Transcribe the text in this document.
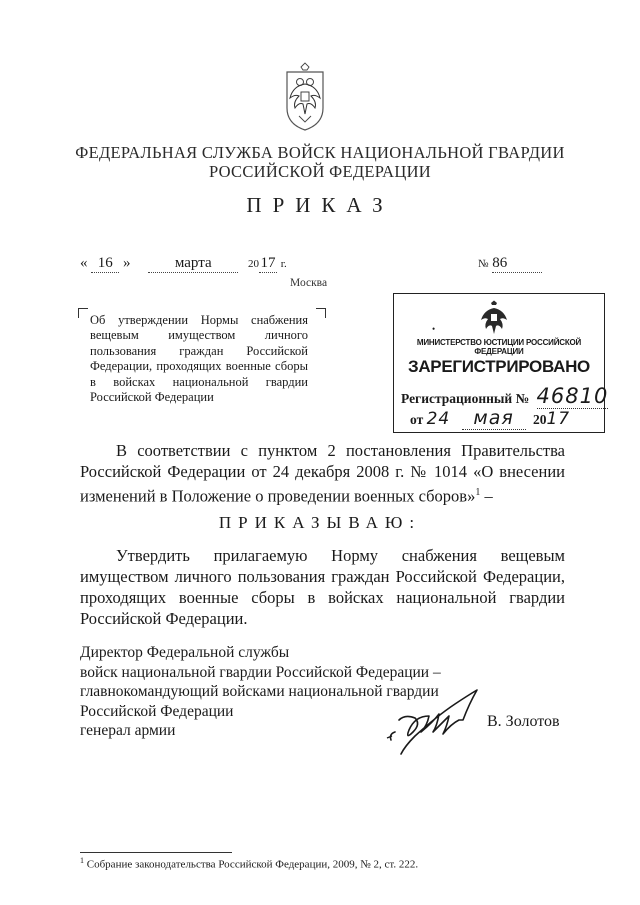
ФЕДЕРАЛЬНАЯ СЛУЖБА ВОЙСК НАЦИОНАЛЬНОЙ ГВАРДИИ
РОССИЙСКОЙ ФЕДЕРАЦИИ
ПРИКАЗ
« 16 »	марта	20 17 г.	№ 86
Москва
Об утверждении Нормы снабжения вещевым имуществом личного пользования граждан Российской Федерации, проходящих военные сборы в войсках национальной гвардии Российской Федерации
•
МИНИСТЕРСТВО ЮСТИЦИИ РОССИЙСКОЙ ФЕДЕРАЦИИ
ЗАРЕГИСТРИРОВАНО
Регистрационный № 46810
от 24 мая 2017
В соответствии с пунктом 2 постановления Правительства Российской Федерации от 24 декабря 2008 г. № 1014 «О внесении изменений в Положение о проведении военных сборов»$^1$ –
ПРИКАЗЫВАЮ:
Утвердить прилагаемую Норму снабжения вещевым имуществом личного пользования граждан Российской Федерации, проходящих военные сборы в войсках национальной гвардии Российской Федерации.
Директор Федеральной службы
войск национальной гвардии Российской Федерации –
главнокомандующий войсками национальной гвардии
Российской Федерации
генерал армии
В. Золотов
$^1$ Собрание законодательства Российской Федерации, 2009, № 2, ст. 222.
